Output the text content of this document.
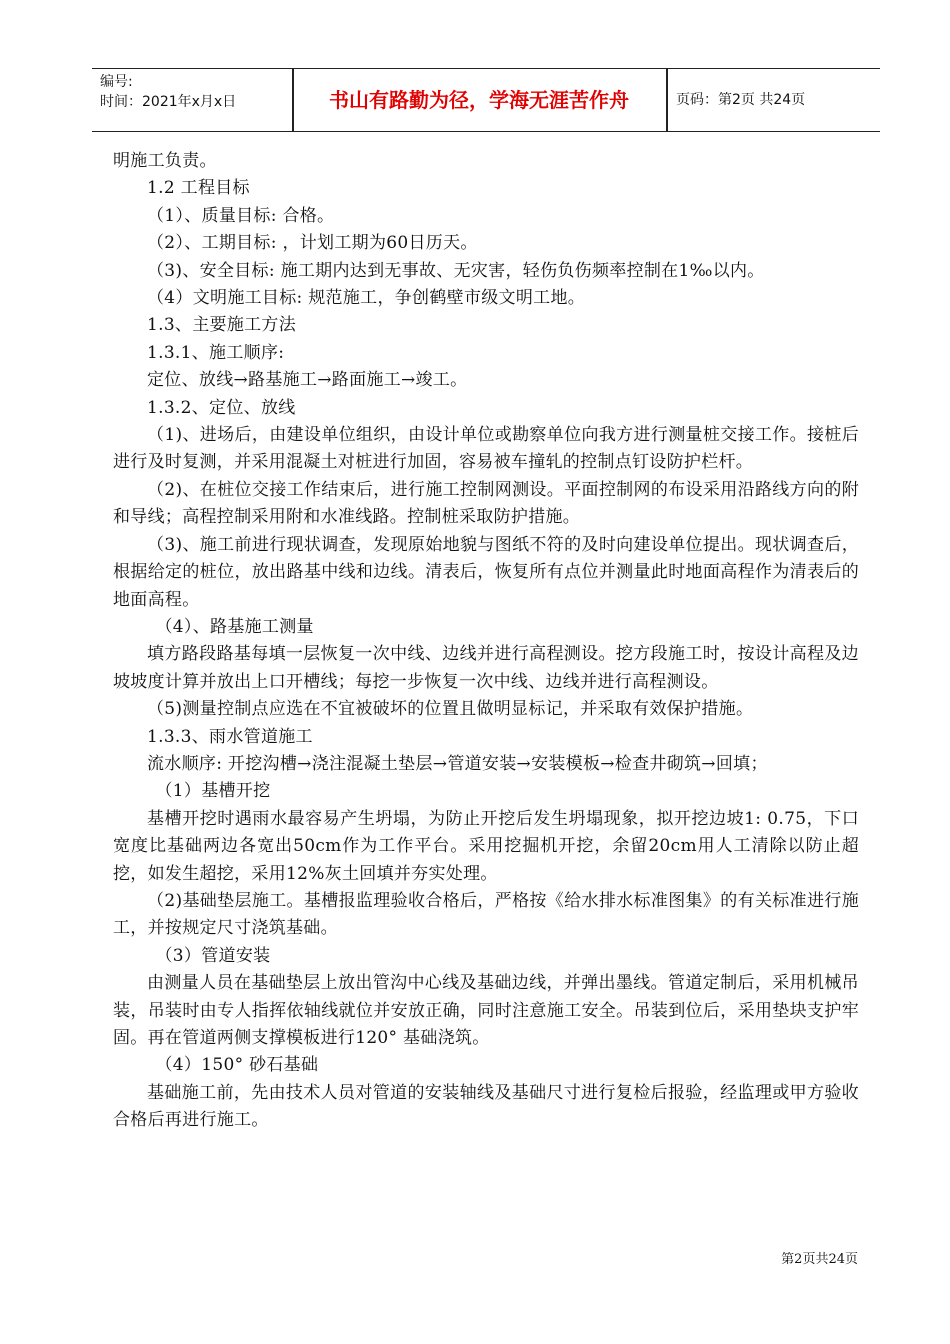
编号:
时间：2021年x月x日	书山有路勤为径，学海无涯苦作舟	页码：第2页 共24页

明施工负责。

1.2 工程目标

（1）、质量目标: 合格。

（2）、工期目标: ，计划工期为60日历天。

（3)、安全目标: 施工期内达到无事故、无灾害，轻伤负伤频率控制在1‰以内。

（4）文明施工目标: 规范施工，争创鹤壁市级文明工地。

1.3、主要施工方法

1.3.1、施工顺序:

定位、放线→路基施工→路面施工→竣工。

1.3.2、定位、放线

（1)、进场后，由建设单位组织，由设计单位或勘察单位向我方进行测量桩交接工作。接桩后进行及时复测，并采用混凝土对桩进行加固，容易被车撞轧的控制点钉设防护栏杆。

（2)、在桩位交接工作结束后，进行施工控制网测设。平面控制网的布设采用沿路线方向的附和导线；高程控制采用附和水准线路。控制桩采取防护措施。

（3)、施工前进行现状调查，发现原始地貌与图纸不符的及时向建设单位提出。现状调查后，根据给定的桩位，放出路基中线和边线。清表后，恢复所有点位并测量此时地面高程作为清表后的地面高程。

（4）、路基施工测量

填方路段路基每填一层恢复一次中线、边线并进行高程测设。挖方段施工时，按设计高程及边坡坡度计算并放出上口开槽线；每挖一步恢复一次中线、边线并进行高程测设。

（5)测量控制点应选在不宜被破坏的位置且做明显标记，并采取有效保护措施。

1.3.3、雨水管道施工

流水顺序: 开挖沟槽→浇注混凝土垫层→管道安装→安装模板→检查井砌筑→回填；

（1）基槽开挖

基槽开挖时遇雨水最容易产生坍塌，为防止开挖后发生坍塌现象，拟开挖边坡1: 0.75，下口宽度比基础两边各宽出50cm作为工作平台。采用挖掘机开挖，余留20cm用人工清除以防止超挖，如发生超挖，采用12%灰土回填并夯实处理。

（2)基础垫层施工。基槽报监理验收合格后，严格按《给水排水标准图集》的有关标准进行施工，并按规定尺寸浇筑基础。

（3）管道安装

由测量人员在基础垫层上放出管沟中心线及基础边线，并弹出墨线。管道定制后，采用机械吊装，吊装时由专人指挥依轴线就位并安放正确，同时注意施工安全。吊装到位后，采用垫块支护牢固。再在管道两侧支撑模板进行120° 基础浇筑。

（4）150° 砂石基础

基础施工前，先由技术人员对管道的安装轴线及基础尺寸进行复检后报验，经监理或甲方验收合格后再进行施工。

第2页共24页
